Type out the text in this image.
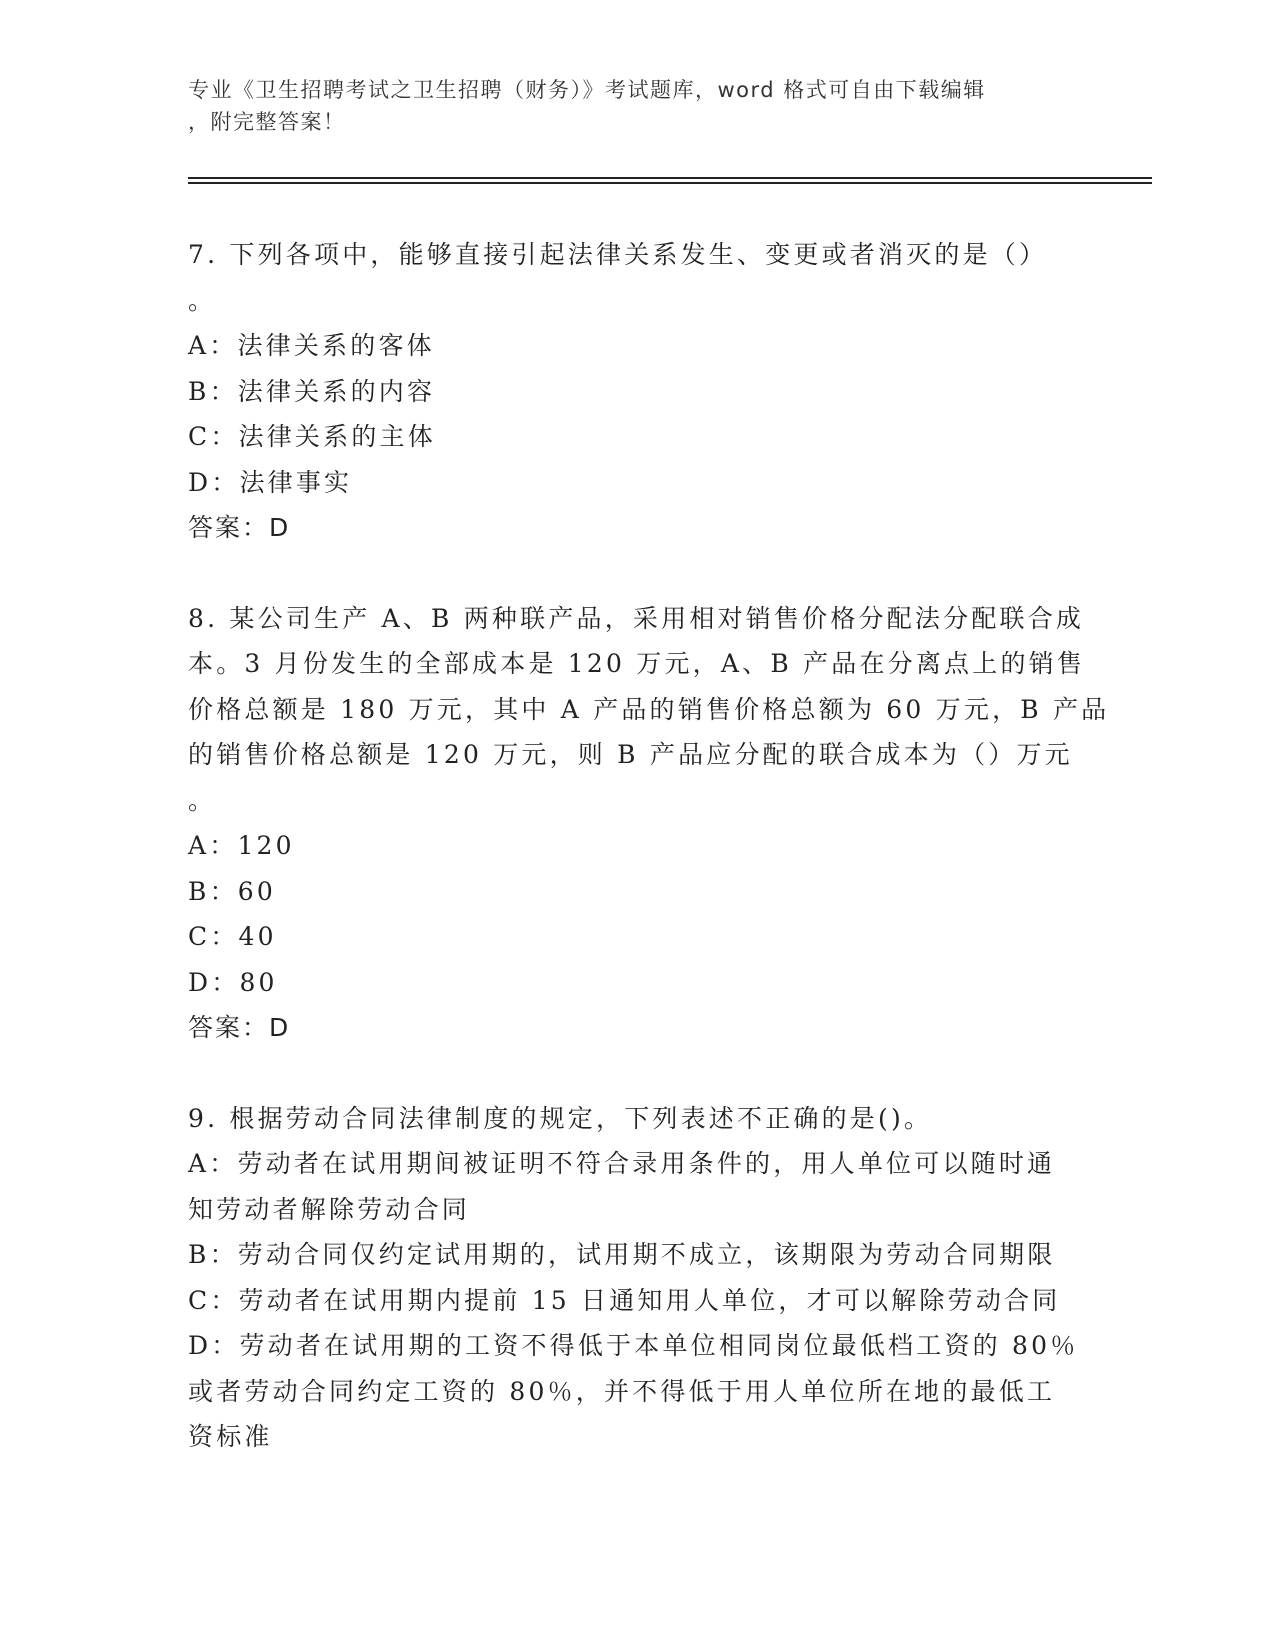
专业《卫生招聘考试之卫生招聘（财务）》考试题库，word 格式可自由下载编辑
，附完整答案！
7. 下列各项中，能够直接引起法律关系发生、变更或者消灭的是（）
。
A：法律关系的客体
B：法律关系的内容
C：法律关系的主体
D：法律事实
答案：D
8. 某公司生产 A、B 两种联产品，采用相对销售价格分配法分配联合成
本。3 月份发生的全部成本是 120 万元，A、B 产品在分离点上的销售
价格总额是 180 万元，其中 A 产品的销售价格总额为 60 万元，B 产品
的销售价格总额是 120 万元，则 B 产品应分配的联合成本为（）万元
。
A：120
B：60
C：40
D：80
答案：D
9. 根据劳动合同法律制度的规定，下列表述不正确的是()。
A：劳动者在试用期间被证明不符合录用条件的，用人单位可以随时通
知劳动者解除劳动合同
B：劳动合同仅约定试用期的，试用期不成立，该期限为劳动合同期限
C：劳动者在试用期内提前 15 日通知用人单位，才可以解除劳动合同
D：劳动者在试用期的工资不得低于本单位相同岗位最低档工资的 80％
或者劳动合同约定工资的 80％，并不得低于用人单位所在地的最低工
资标准
